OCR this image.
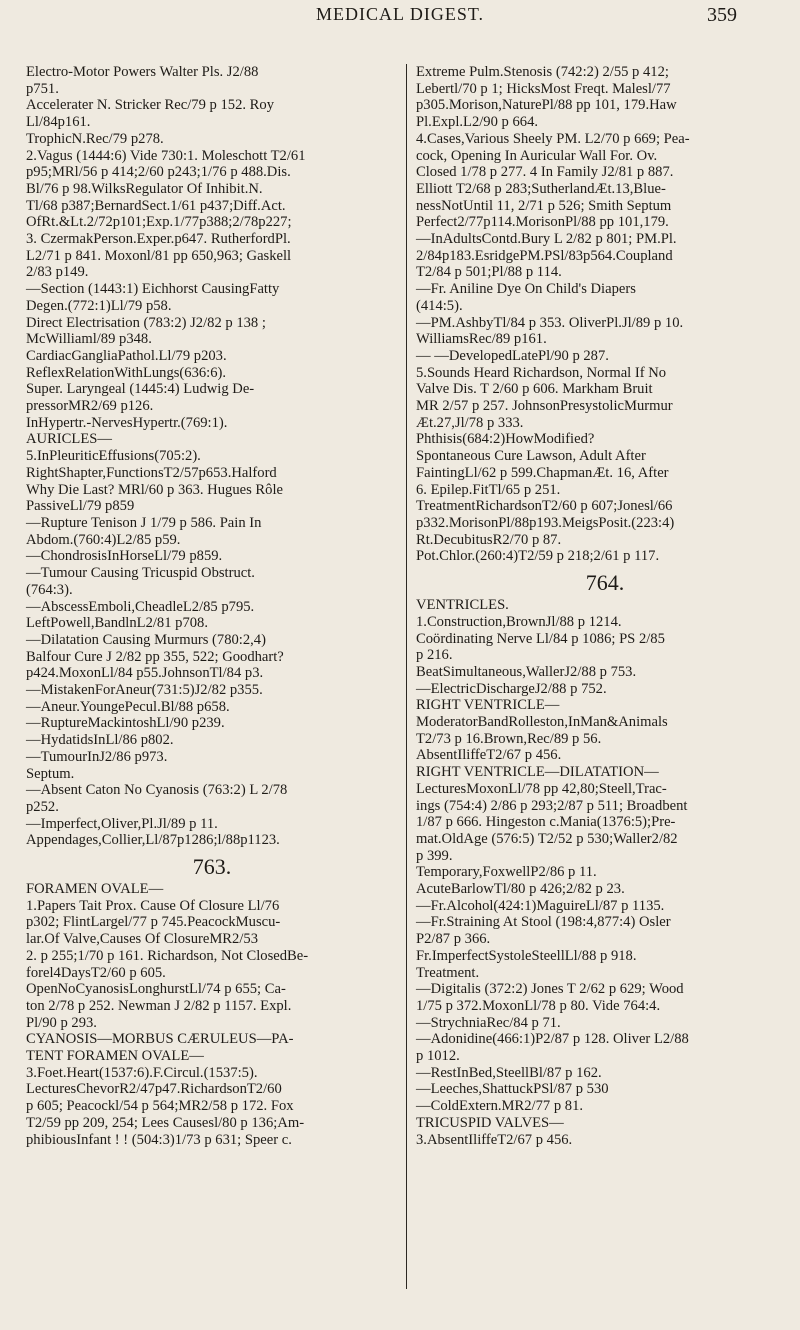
MEDICAL DIGEST.	359
Electro-Motor Powers Walter Pls. J2/88
p751.
Accelerater N. Stricker Rec/79 p 152. Roy
Ll/84p161.
TrophicN.Rec/79 p278.
2.Vagus (1444:6) Vide 730:1. Moleschott T2/61
p95;MRl/56 p 414;2/60 p243;1/76 p 488.Dis.
Bl/76 p 98.WilksRegulator Of Inhibit.N.
Tl/68 p387;BernardSect.1/61 p437;Diff.Act.
OfRt.&Lt.2/72p101;Exp.1/77p388;2/78p227;
3. CzermakPerson.Exper.p647. RutherfordPl.
L2/71 p 841. Moxonl/81 pp 650,963; Gaskell
2/83 p149.
—Section (1443:1) Eichhorst CausingFatty
Degen.(772:1)Ll/79 p58.
Direct Electrisation (783:2) J2/82 p 138 ;
McWilliaml/89 p348.
CardiacGangliaPathol.Ll/79 p203.
ReflexRelationWithLungs(636:6).
Super. Laryngeal (1445:4) Ludwig De-
pressorMR2/69 p126.
InHypertr.-NervesHypertr.(769:1).
AURICLES—
5.InPleuriticEffusions(705:2).
RightShapter,FunctionsT2/57p653.Halford
Why Die Last? MRl/60 p 363. Hugues Rôle
PassiveLl/79 p859
—Rupture Tenison J 1/79 p 586. Pain In
Abdom.(760:4)L2/85 p59.
—ChondrosisInHorseLl/79 p859.
—Tumour Causing Tricuspid Obstruct.
(764:3).
—AbscessEmboli,CheadleL2/85 p795.
LeftPowell,BandlnL2/81 p708.
—Dilatation Causing Murmurs (780:2,4)
Balfour Cure J 2/82 pp 355, 522; Goodhart?
p424.MoxonLl/84 p55.JohnsonTl/84 p3.
—MistakenForAneur(731:5)J2/82 p355.
—Aneur.YoungePecul.Bl/88 p658.
—RuptureMackintoshLl/90 p239.
—HydatidsInLl/86 p802.
—TumourInJ2/86 p973.
Septum.
—Absent Caton No Cyanosis (763:2) L 2/78
p252.
—Imperfect,Oliver,Pl.Jl/89 p 11.
Appendages,Collier,Ll/87p1286;l/88p1123.
763.
FORAMEN OVALE—
1.Papers Tait Prox. Cause Of Closure Ll/76
p302; FlintLargel/77 p 745.PeacockMuscu-
lar.Of Valve,Causes Of ClosureMR2/53
2. p 255;1/70 p 161. Richardson, Not ClosedBe-
forel4DaysT2/60 p 605.
OpenNoCyanosisLonghurstLl/74 p 655; Ca-
ton 2/78 p 252. Newman J 2/82 p 1157. Expl.
Pl/90 p 293.
CYANOSIS—MORBUS CÆRULEUS—PA-
TENT FORAMEN OVALE—
3.Foet.Heart(1537:6).F.Circul.(1537:5).
LecturesChevorR2/47p47.RichardsonT2/60
p 605; Peacockl/54 p 564;MR2/58 p 172. Fox
T2/59 pp 209, 254; Lees Causesl/80 p 136;Am-
phibiousInfant ! ! (504:3)1/73 p 631; Speer c.
Extreme Pulm.Stenosis (742:2) 2/55 p 412;
Lebertl/70 p 1; HicksMost Freqt. Malesl/77
p305.Morison,NaturePl/88 pp 101, 179.Haw
Pl.Expl.L2/90 p 664.
4.Cases,Various Sheely PM. L2/70 p 669; Pea-
cock, Opening In Auricular Wall For. Ov.
Closed 1/78 p 277. 4 In Family J2/81 p 887.
Elliott T2/68 p 283;SutherlandÆt.13,Blue-
nessNotUntil 11, 2/71 p 526; Smith Septum
Perfect2/77p114.MorisonPl/88 pp 101,179.
—InAdultsContd.Bury L 2/82 p 801; PM.Pl.
2/84p183.EsridgePM.PSl/83p564.Coupland
T2/84 p 501;Pl/88 p 114.
—Fr. Aniline Dye On Child's Diapers
(414:5).
—PM.AshbyTl/84 p 353. OliverPl.Jl/89 p 10.
WilliamsRec/89 p161.
— —DevelopedLatePl/90 p 287.
5.Sounds Heard Richardson, Normal If No
Valve Dis. T 2/60 p 606. Markham Bruit
MR 2/57 p 257. JohnsonPresystolicMurmur
Æt.27,Jl/78 p 333.
Phthisis(684:2)HowModified?
Spontaneous Cure Lawson, Adult After
FaintingLl/62 p 599.ChapmanÆt. 16, After
6. Epilep.FitTl/65 p 251.
TreatmentRichardsonT2/60 p 607;Jonesl/66
p332.MorisonPl/88p193.MeigsPosit.(223:4)
Rt.DecubitusR2/70 p 87.
Pot.Chlor.(260:4)T2/59 p 218;2/61 p 117.
764.
VENTRICLES.
1.Construction,BrownJl/88 p 1214.
Coördinating Nerve Ll/84 p 1086; PS 2/85
p 216.
BeatSimultaneous,WallerJ2/88 p 753.
—ElectricDischargeJ2/88 p 752.
RIGHT VENTRICLE—
ModeratorBandRolleston,InMan&Animals
T2/73 p 16.Brown,Rec/89 p 56.
AbsentIliffeT2/67 p 456.
RIGHT VENTRICLE—DILATATION—
LecturesMoxonLl/78 pp 42,80;Steell,Trac-
ings (754:4) 2/86 p 293;2/87 p 511; Broadbent
1/87 p 666. Hingeston c.Mania(1376:5);Pre-
mat.OldAge (576:5) T2/52 p 530;Waller2/82
p 399.
Temporary,FoxwellP2/86 p 11.
AcuteBarlowTl/80 p 426;2/82 p 23.
—Fr.Alcohol(424:1)MaguireLl/87 p 1135.
—Fr.Straining At Stool (198:4,877:4) Osler
P2/87 p 366.
Fr.ImperfectSystoleSteellLl/88 p 918.
Treatment.
—Digitalis (372:2) Jones T 2/62 p 629; Wood
1/75 p 372.MoxonLl/78 p 80. Vide 764:4.
—StrychniaRec/84 p 71.
—Adonidine(466:1)P2/87 p 128. Oliver L2/88
p 1012.
—RestInBed,SteellBl/87 p 162.
—Leeches,ShattuckPSl/87 p 530
—ColdExtern.MR2/77 p 81.
TRICUSPID VALVES—
3.AbsentIliffeT2/67 p 456.
